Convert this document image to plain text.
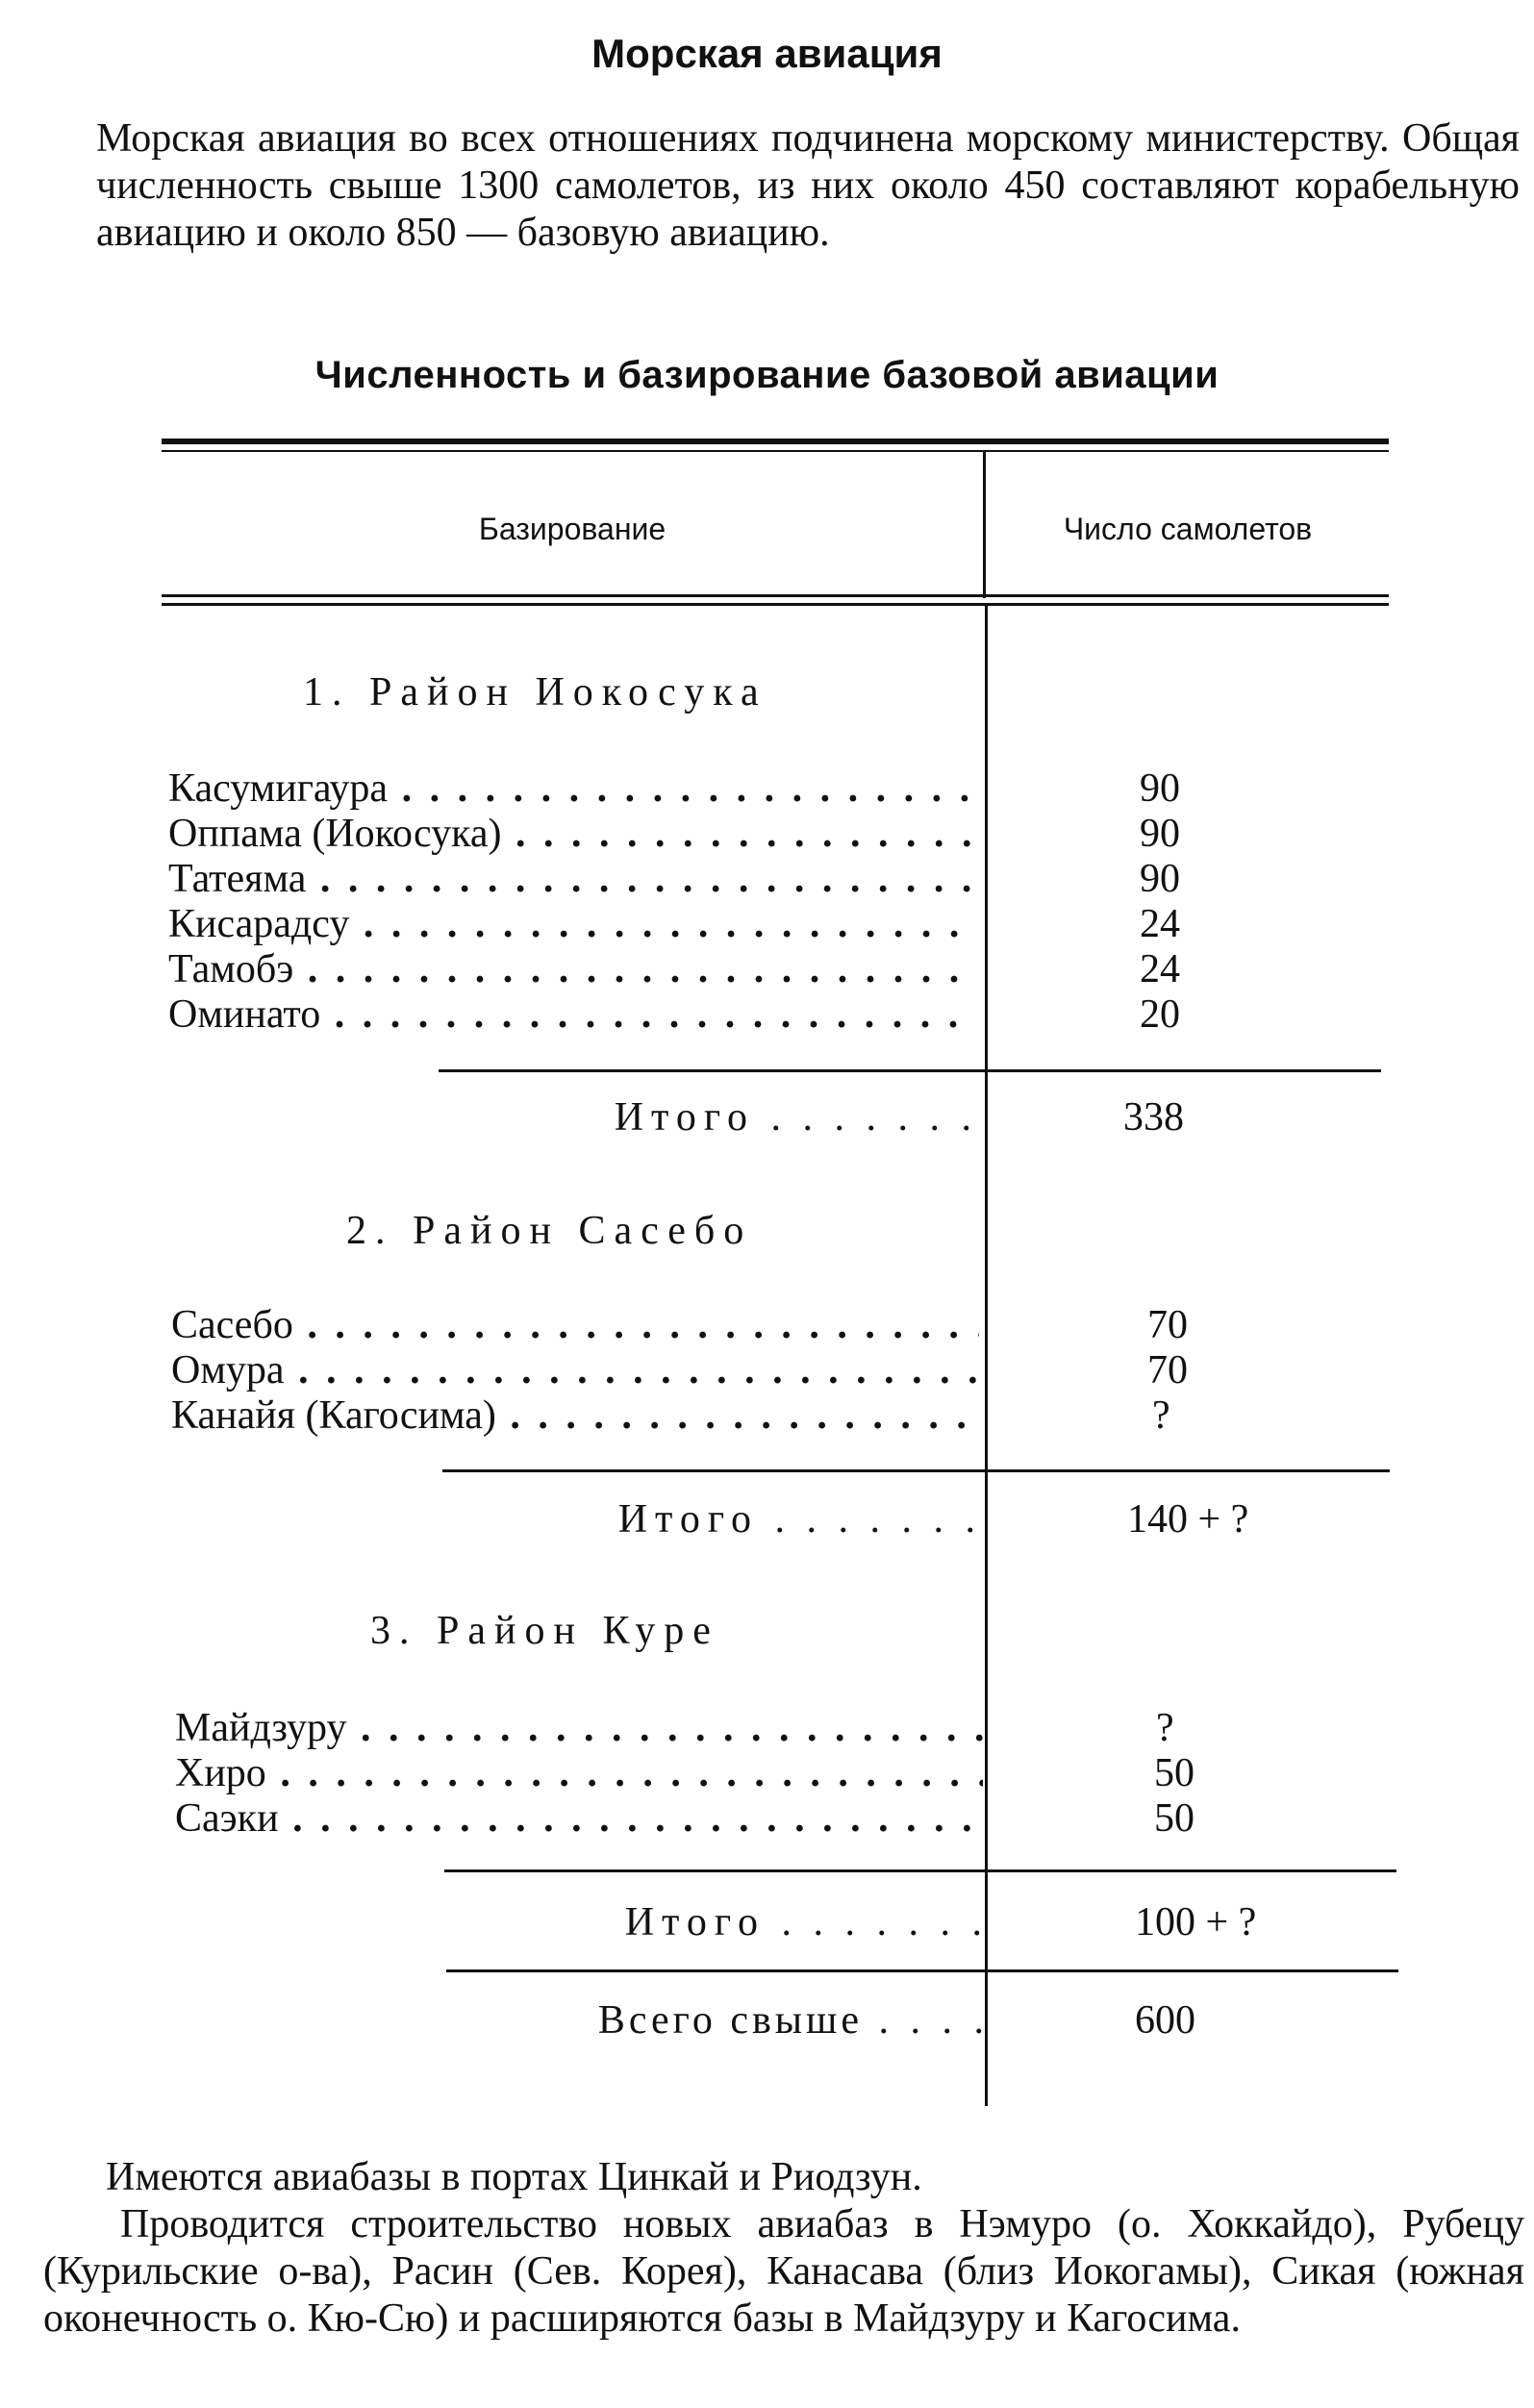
Морская авиация
Морская авиация во всех отношениях подчинена морскому министерству. Общая численность свыше 1300 самолетов, из них около 450 составляют корабельную авиацию и около 850 — базовую авиацию.
Численность и базирование базовой авиации
Базирование	Число самолетов
1. Район Иокосука
Касумигаура . . .	90
Оппама (Иокосука) . . .	90
Татеяма . . .	90
Кисарадсу . . .	24
Тамобэ . . .	24
Оминато . . .	20
Итого . . . . . . .	338
2. Район Сасебо
Сасебо . . .	70
Омура . . .	70
Канайя (Кагосима) . . .	?
Итого . . . . . . .	140 + ?
3. Район Куре
Майдзуру . . .	?
Хиро . . .	50
Саэки . . .	50
Итого . . . . . . .	100 + ?
Всего свыше . . . .	600
Имеются авиабазы в портах Цинкай и Риодзун.
Проводится строительство новых авиабаз в Нэмуро (о. Хоккайдо), Рубецу (Курильские о-ва), Расин (Сев. Корея), Канасава (близ Иокогамы), Сикая (южная оконечность о. Кю-Сю) и расширяются базы в Майдзуру и Кагосима.
